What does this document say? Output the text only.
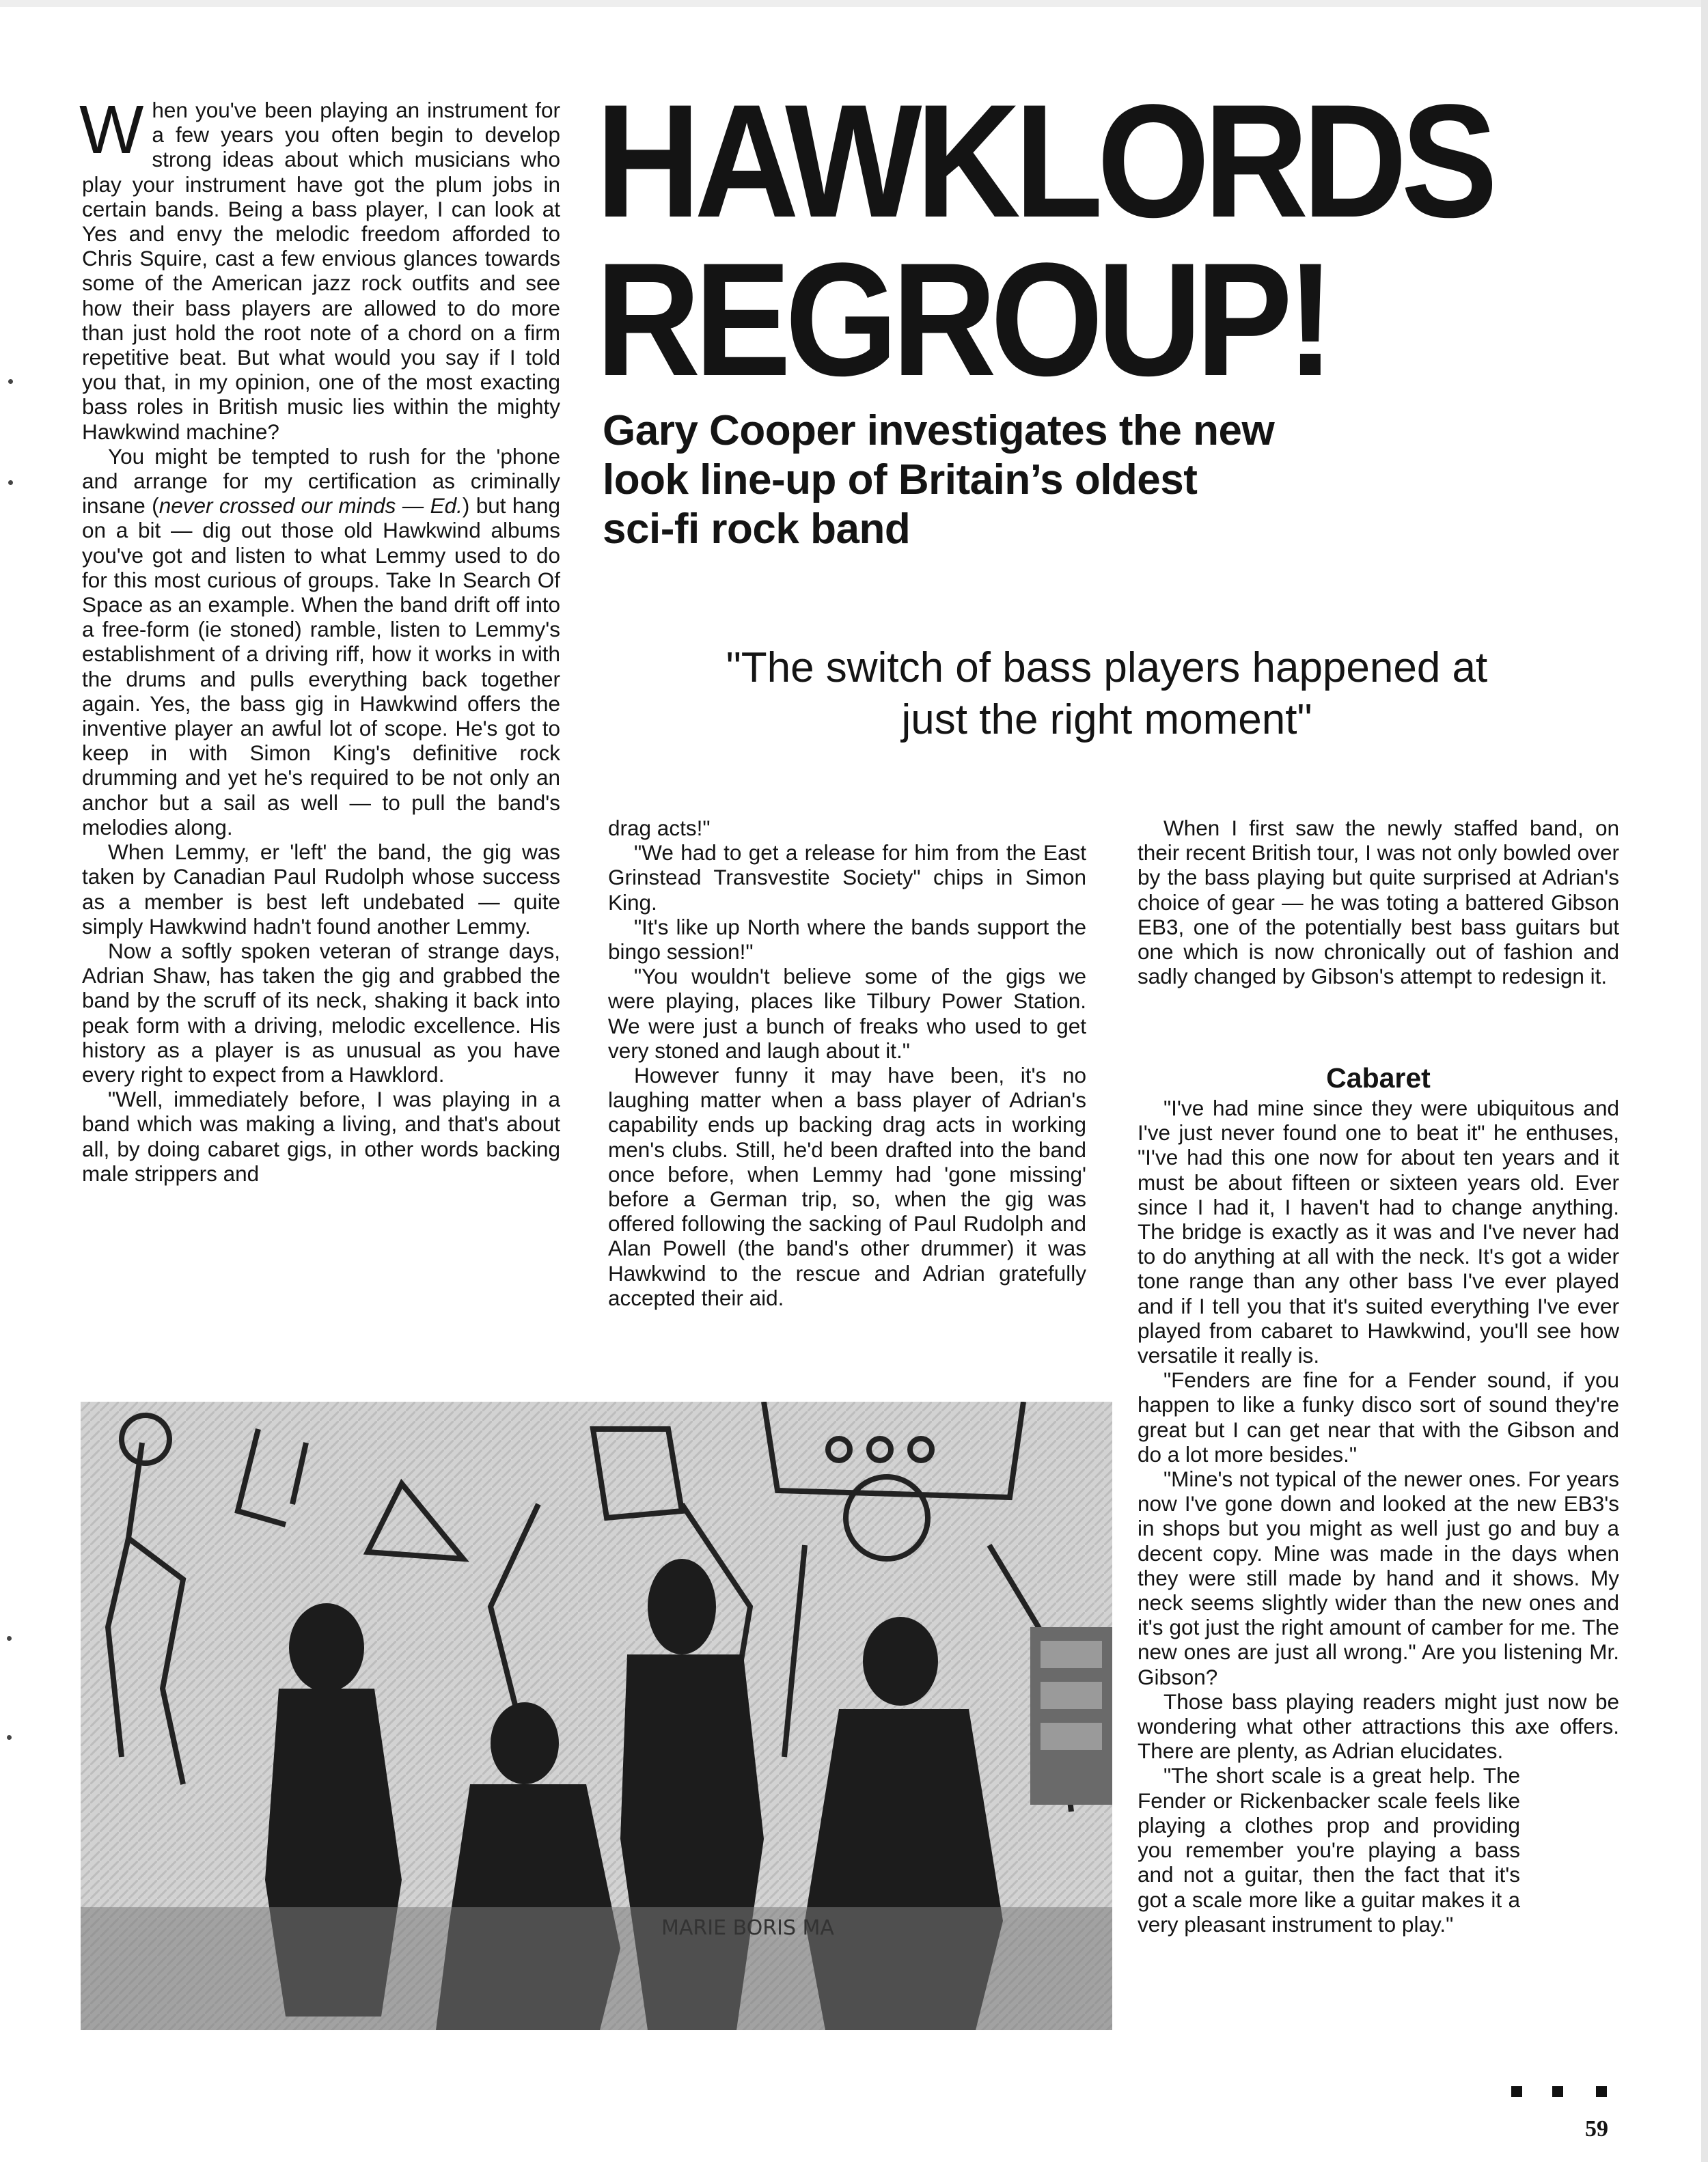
When you've been playing an instrument for a few years you often begin to develop strong ideas about which musicians who play your instrument have got the plum jobs in certain bands. Being a bass player, I can look at Yes and envy the melodic freedom afforded to Chris Squire, cast a few envious glances towards some of the American jazz rock outfits and see how their bass players are allowed to do more than just hold the root note of a chord on a firm repetitive beat. But what would you say if I told you that, in my opinion, one of the most exacting bass roles in British music lies within the mighty Hawkwind machine?

You might be tempted to rush for the 'phone and arrange for my certification as criminally insane (never crossed our minds — Ed.) but hang on a bit — dig out those old Hawkwind albums you've got and listen to what Lemmy used to do for this most curious of groups. Take In Search Of Space as an example. When the band drift off into a free-form (ie stoned) ramble, listen to Lemmy's establishment of a driving riff, how it works in with the drums and pulls everything back together again. Yes, the bass gig in Hawkwind offers the inventive player an awful lot of scope. He's got to keep in with Simon King's definitive rock drumming and yet he's required to be not only an anchor but a sail as well — to pull the band's melodies along.

When Lemmy, er 'left' the band, the gig was taken by Canadian Paul Rudolph whose success as a member is best left undebated — quite simply Hawkwind hadn't found another Lemmy.

Now a softly spoken veteran of strange days, Adrian Shaw, has taken the gig and grabbed the band by the scruff of its neck, shaking it back into peak form with a driving, melodic excellence. His history as a player is as unusual as you have every right to expect from a Hawklord.

"Well, immediately before, I was playing in a band which was making a living, and that's about all, by doing cabaret gigs, in other words backing male strippers and

HAWKLORDS
REGROUP!
Gary Cooper investigates the new
look line-up of Britain’s oldest
sci-fi rock band
"The switch of bass players happened at
just the right moment"

drag acts!"

"We had to get a release for him from the East Grinstead Transvestite Society" chips in Simon King.

"It's like up North where the bands support the bingo session!"

"You wouldn't believe some of the gigs we were playing, places like Tilbury Power Station. We were just a bunch of freaks who used to get very stoned and laugh about it."

However funny it may have been, it's no laughing matter when a bass player of Adrian's capability ends up backing drag acts in working men's clubs. Still, he'd been drafted into the band once before, when Lemmy had 'gone missing' before a German trip, so, when the gig was offered following the sacking of Paul Rudolph and Alan Powell (the band's other drummer) it was Hawkwind to the rescue and Adrian gratefully accepted their aid.

When I first saw the newly staffed band, on their recent British tour, I was not only bowled over by the bass playing but quite surprised at Adrian's choice of gear — he was toting a battered Gibson EB3, one of the potentially best bass guitars but one which is now chronically out of fashion and sadly changed by Gibson's attempt to redesign it.

Cabaret

"I've had mine since they were ubiquitous and I've just never found one to beat it" he enthuses, "I've had this one now for about ten years and it must be about fifteen or sixteen years old. Ever since I had it, I haven't had to change anything. The bridge is exactly as it was and I've never had to do anything at all with the neck. It's got a wider tone range than any other bass I've ever played and if I tell you that it's suited everything I've ever played from cabaret to Hawkwind, you'll see how versatile it really is.

"Fenders are fine for a Fender sound, if you happen to like a funky disco sort of sound they're great but I can get near that with the Gibson and do a lot more besides."

"Mine's not typical of the newer ones. For years now I've gone down and looked at the new EB3's in shops but you might as well just go and buy a decent copy. Mine was made in the days when they were still made by hand and it shows. My neck seems slightly wider than the new ones and it's got just the right amount of camber for me. The new ones are just all wrong." Are you listening Mr. Gibson?

Those bass playing readers might just now be wondering what other attractions this axe offers. There are plenty, as Adrian elucidates.

"The short scale is a great help. The Fender or Rickenbacker scale feels like playing a clothes prop and providing you remember you're playing a bass and not a guitar, then the fact that it's got a scale more like a guitar makes it a very pleasant instrument to play."

MARIE BORIS MA
59
